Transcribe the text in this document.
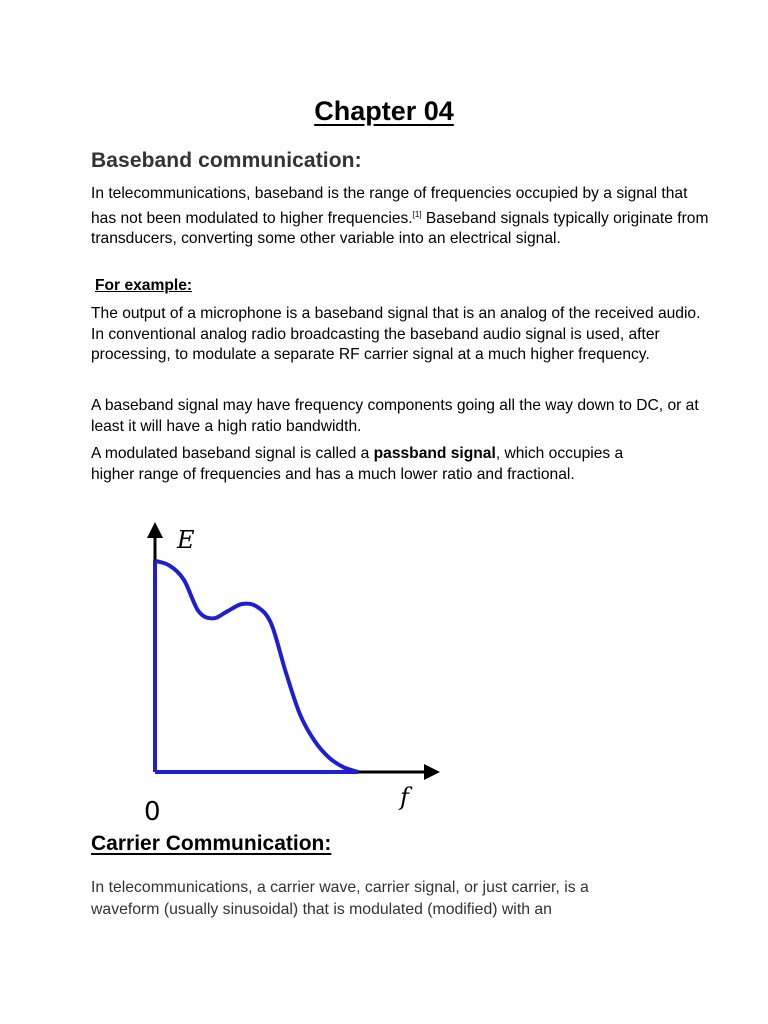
Chapter 04
Baseband communication:

In telecommunications, baseband is the range of frequencies occupied by a signal that has not been modulated to higher frequencies.[1] Baseband signals typically originate from transducers, converting some other variable into an electrical signal.

For example:

The output of a microphone is a baseband signal that is an analog of the received audio. In conventional analog radio broadcasting the baseband audio signal is used, after processing, to modulate a separate RF carrier signal at a much higher frequency.

A baseband signal may have frequency components going all the way down to DC, or at least it will have a high ratio bandwidth.

A modulated baseband signal is called a passband signal, which occupies a higher range of frequencies and has a much lower ratio and fractional.

E
f
0
Carrier Communication:

In telecommunications, a carrier wave, carrier signal, or just carrier, is a waveform (usually sinusoidal) that is modulated (modified) with an
